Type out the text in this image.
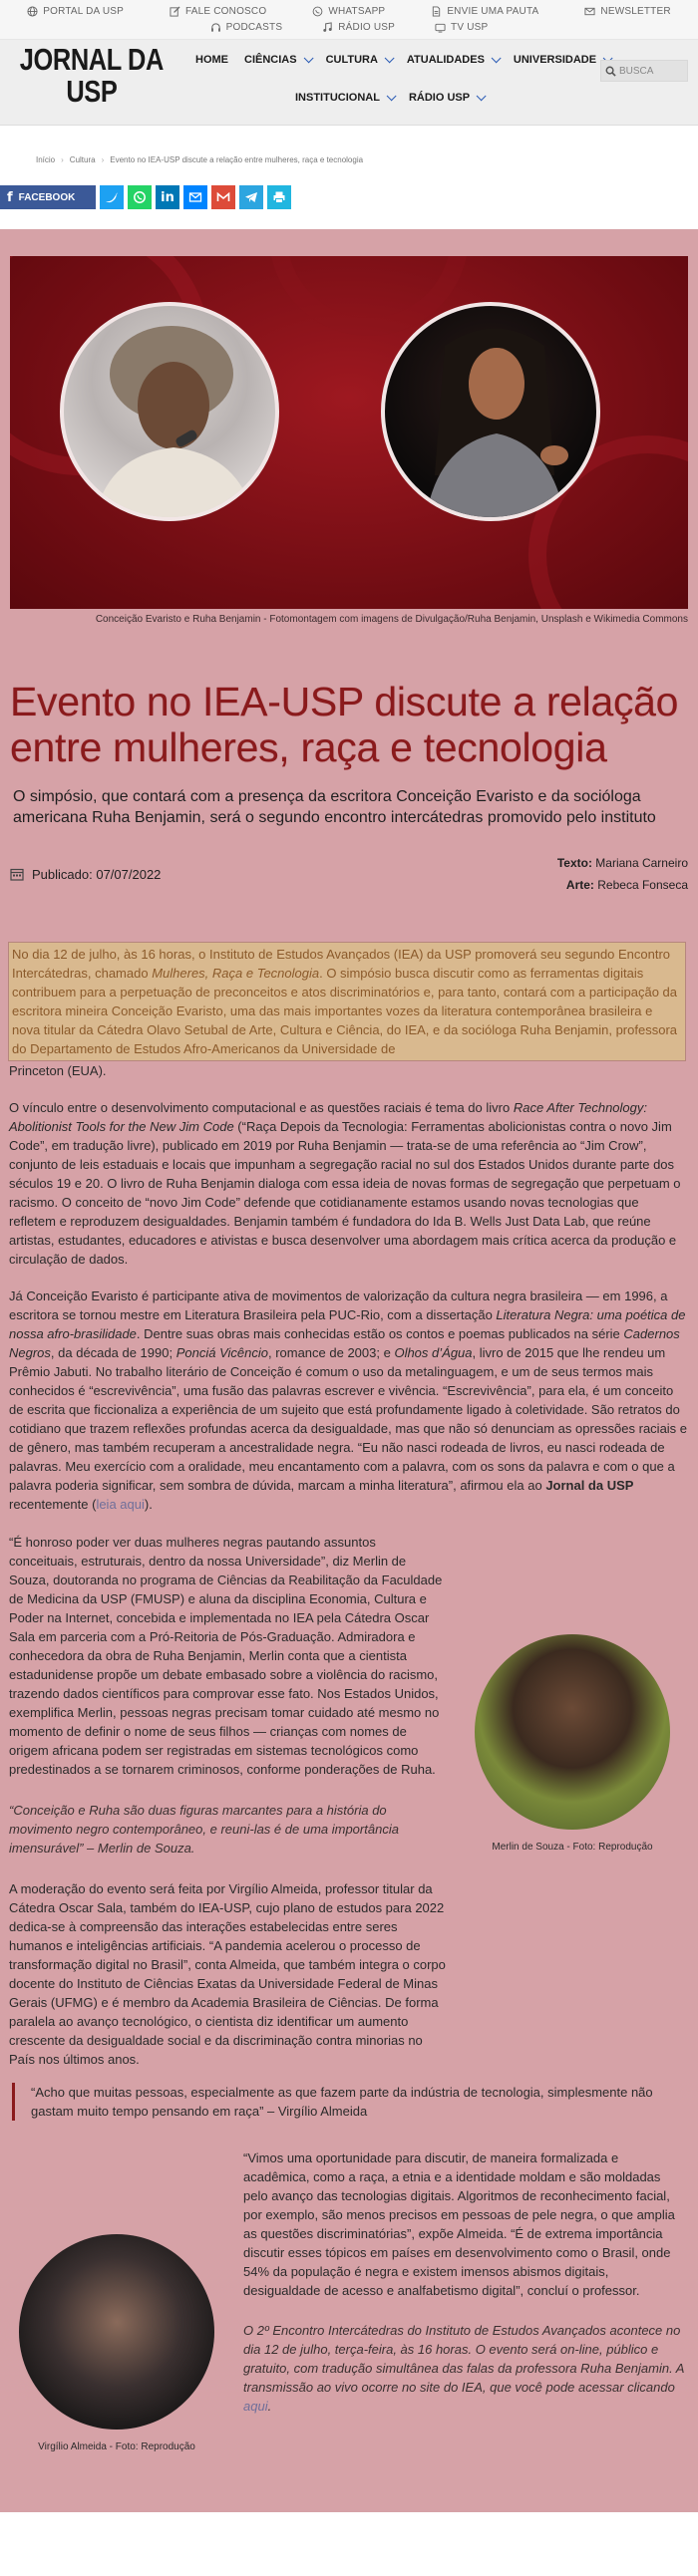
PORTAL DA USP	FALE CONOSCO	WHATSAPP	ENVIE UMA PAUTA	NEWSLETTER
PODCASTS	RÁDIO USP	TV USP
JORNAL DA
USP
HOME CIÊNCIAS	CULTURA	ATUALIDADES	UNIVERSIDADE
INSTITUCIONAL	RÁDIO USP
BUSCA
Início › Cultura › Evento no IEA-USP discute a relação entre mulheres, raça e tecnologia
f FACEBOOK	in
Conceição Evaristo e Ruha Benjamin - Fotomontagem com imagens de Divulgação/Ruha Benjamin, Unsplash e Wikimedia Commons
Evento no IEA-USP discute a relação entre mulheres, raça e tecnologia

O simpósio, que contará com a presença da escritora Conceição Evaristo e da socióloga americana Ruha Benjamin, será o segundo encontro intercátedras promovido pelo instituto

Publicado: 07/07/2022
Texto: Mariana Carneiro
Arte: Rebeca Fonseca
No dia 12 de julho, às 16 horas, o Instituto de Estudos Avançados (IEA) da USP promoverá seu segundo Encontro Intercátedras, chamado Mulheres, Raça e Tecnologia. O simpósio busca discutir como as ferramentas digitais contribuem para a perpetuação de preconceitos e atos discriminatórios e, para tanto, contará com a participação da escritora mineira Conceição Evaristo, uma das mais importantes vozes da literatura contemporânea brasileira e nova titular da Cátedra Olavo Setubal de Arte, Cultura e Ciência, do IEA, e da socióloga Ruha Benjamin, professora do Departamento de Estudos Afro-Americanos da Universidade de

Princeton (EUA).

O vínculo entre o desenvolvimento computacional e as questões raciais é tema do livro Race After Technology: Abolitionist Tools for the New Jim Code (“Raça Depois da Tecnologia: Ferramentas abolicionistas contra o novo Jim Code”, em tradução livre), publicado em 2019 por Ruha Benjamin — trata-se de uma referência ao “Jim Crow”, conjunto de leis estaduais e locais que impunham a segregação racial no sul dos Estados Unidos durante parte dos séculos 19 e 20. O livro de Ruha Benjamin dialoga com essa ideia de novas formas de segregação que perpetuam o racismo. O conceito de “novo Jim Code” defende que cotidianamente estamos usando novas tecnologias que refletem e reproduzem desigualdades. Benjamin também é fundadora do Ida B. Wells Just Data Lab, que reúne artistas, estudantes, educadores e ativistas e busca desenvolver uma abordagem mais crítica acerca da produção e circulação de dados.

Já Conceição Evaristo é participante ativa de movimentos de valorização da cultura negra brasileira — em 1996, a escritora se tornou mestre em Literatura Brasileira pela PUC-Rio, com a dissertação Literatura Negra: uma poética de nossa afro-brasilidade. Dentre suas obras mais conhecidas estão os contos e poemas publicados na série Cadernos Negros, da década de 1990; Ponciá Vicêncio, romance de 2003; e Olhos d’Água, livro de 2015 que lhe rendeu um Prêmio Jabuti. No trabalho literário de Conceição é comum o uso da metalinguagem, e um de seus termos mais conhecidos é “escrevivência”, uma fusão das palavras escrever e vivência. “Escrevivência”, para ela, é um conceito de escrita que ficcionaliza a experiência de um sujeito que está profundamente ligado à coletividade. São retratos do cotidiano que trazem reflexões profundas acerca da desigualdade, mas que não só denunciam as opressões raciais e de gênero, mas também recuperam a ancestralidade negra. “Eu não nasci rodeada de livros, eu nasci rodeada de palavras. Meu exercício com a oralidade, meu encantamento com a palavra, com os sons da palavra e com o que a palavra poderia significar, sem sombra de dúvida, marcam a minha literatura”, afirmou ela ao Jornal da USP recentemente (leia aqui).

“É honroso poder ver duas mulheres negras pautando assuntos conceituais, estruturais, dentro da nossa Universidade”, diz Merlin de Souza, doutoranda no programa de Ciências da Reabilitação da Faculdade de Medicina da USP (FMUSP) e aluna da disciplina Economia, Cultura e Poder na Internet, concebida e implementada no IEA pela Cátedra Oscar Sala em parceria com a Pró-Reitoria de Pós-Graduação. Admiradora e conhecedora da obra de Ruha Benjamin, Merlin conta que a cientista estadunidense propõe um debate embasado sobre a violência do racismo, trazendo dados científicos para comprovar esse fato. Nos Estados Unidos, exemplifica Merlin, pessoas negras precisam tomar cuidado até mesmo no momento de definir o nome de seus filhos — crianças com nomes de origem africana podem ser registradas em sistemas tecnológicos como predestinados a se tornarem criminosos, conforme ponderações de Ruha.

“Conceição e Ruha são duas figuras marcantes para a história do movimento negro contemporâneo, e reuni-las é de uma importância imensurável” – Merlin de Souza.	Merlin de Souza - Foto: Reprodução

A moderação do evento será feita por Virgílio Almeida, professor titular da Cátedra Oscar Sala, também do IEA-USP, cujo plano de estudos para 2022 dedica-se à compreensão das interações estabelecidas entre seres humanos e inteligências artificiais. “A pandemia acelerou o processo de transformação digital no Brasil”, conta Almeida, que também integra o corpo docente do Instituto de Ciências Exatas da Universidade Federal de Minas Gerais (UFMG) e é membro da Academia Brasileira de Ciências. De forma paralela ao avanço tecnológico, o cientista diz identificar um aumento crescente da desigualdade social e da discriminação contra minorias no País nos últimos anos.

“Acho que muitas pessoas, especialmente as que fazem parte da indústria de tecnologia, simplesmente não gastam muito tempo pensando em raça” – Virgílio Almeida
Virgílio Almeida - Foto: Reprodução

“Vimos uma oportunidade para discutir, de maneira formalizada e acadêmica, como a raça, a etnia e a identidade moldam e são moldadas pelo avanço das tecnologias digitais. Algoritmos de reconhecimento facial, por exemplo, são menos precisos em pessoas de pele negra, o que amplia as questões discriminatórias”, expõe Almeida. “É de extrema importância discutir esses tópicos em países em desenvolvimento como o Brasil, onde 54% da população é negra e existem imensos abismos digitais, desigualdade de acesso e analfabetismo digital”, concluí o professor.

O 2º Encontro Intercátedras do Instituto de Estudos Avançados acontece no dia 12 de julho, terça-feira, às 16 horas. O evento será on-line, público e gratuito, com tradução simultânea das falas da professora Ruha Benjamin. A transmissão ao vivo ocorre no site do IEA, que você pode acessar clicando aqui.
